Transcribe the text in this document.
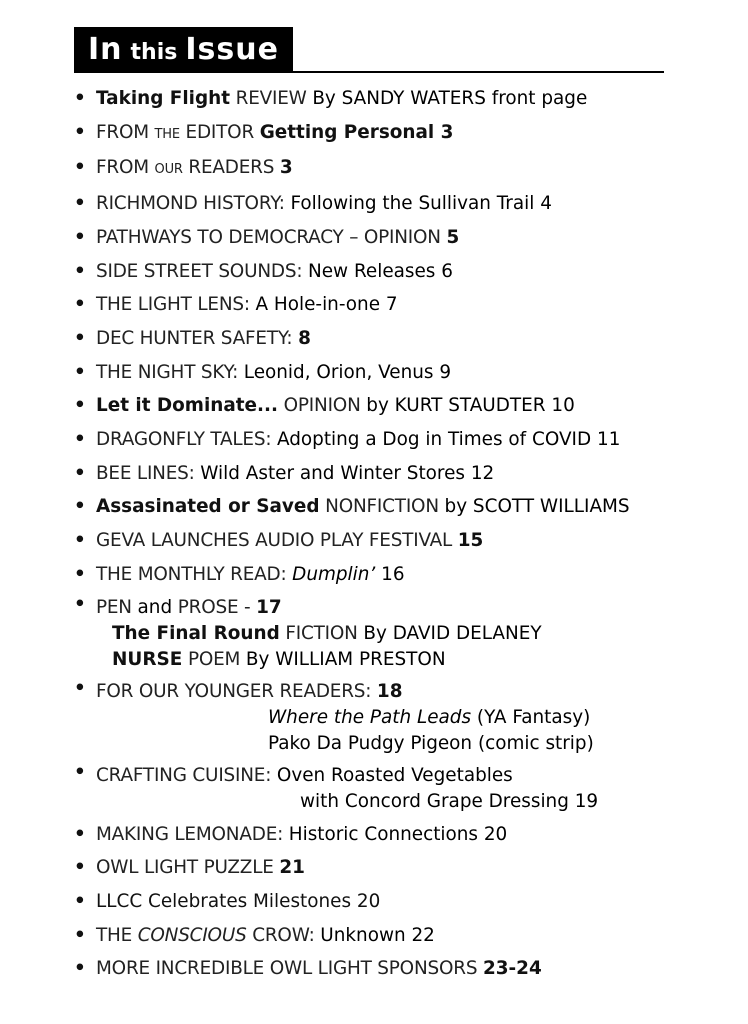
In this Issue
• Taking Flight REVIEW By SANDY WATERS front page
• FROM THE EDITOR Getting Personal 3
• FROM OUR READERS 3
• RICHMOND HISTORY: Following the Sullivan Trail 4
• PATHWAYS TO DEMOCRACY – OPINION 5
• SIDE STREET SOUNDS: New Releases 6
• THE LIGHT LENS: A Hole-in-one 7
• DEC HUNTER SAFETY: 8
• THE NIGHT SKY: Leonid, Orion, Venus 9
• Let it Dominate... OPINION by KURT STAUDTER 10
• DRAGONFLY TALES: Adopting a Dog in Times of COVID 11
• BEE LINES: Wild Aster and Winter Stores 12
• Assasinated or Saved NONFICTION by SCOTT WILLIAMS
• GEVA LAUNCHES AUDIO PLAY FESTIVAL 15
• THE MONTHLY READ: Dumplin’ 16
• PEN and PROSE - 17
The Final Round FICTION By DAVID DELANEY
NURSE POEM By WILLIAM PRESTON
• FOR OUR YOUNGER READERS: 18
Where the Path Leads (YA Fantasy)
Pako Da Pudgy Pigeon (comic strip)
• CRAFTING CUISINE: Oven Roasted Vegetables
with Concord Grape Dressing 19
• MAKING LEMONADE: Historic Connections 20
• OWL LIGHT PUZZLE 21
• LLCC Celebrates Milestones 20
• THE CONSCIOUS CROW: Unknown 22
• MORE INCREDIBLE OWL LIGHT SPONSORS 23-24
